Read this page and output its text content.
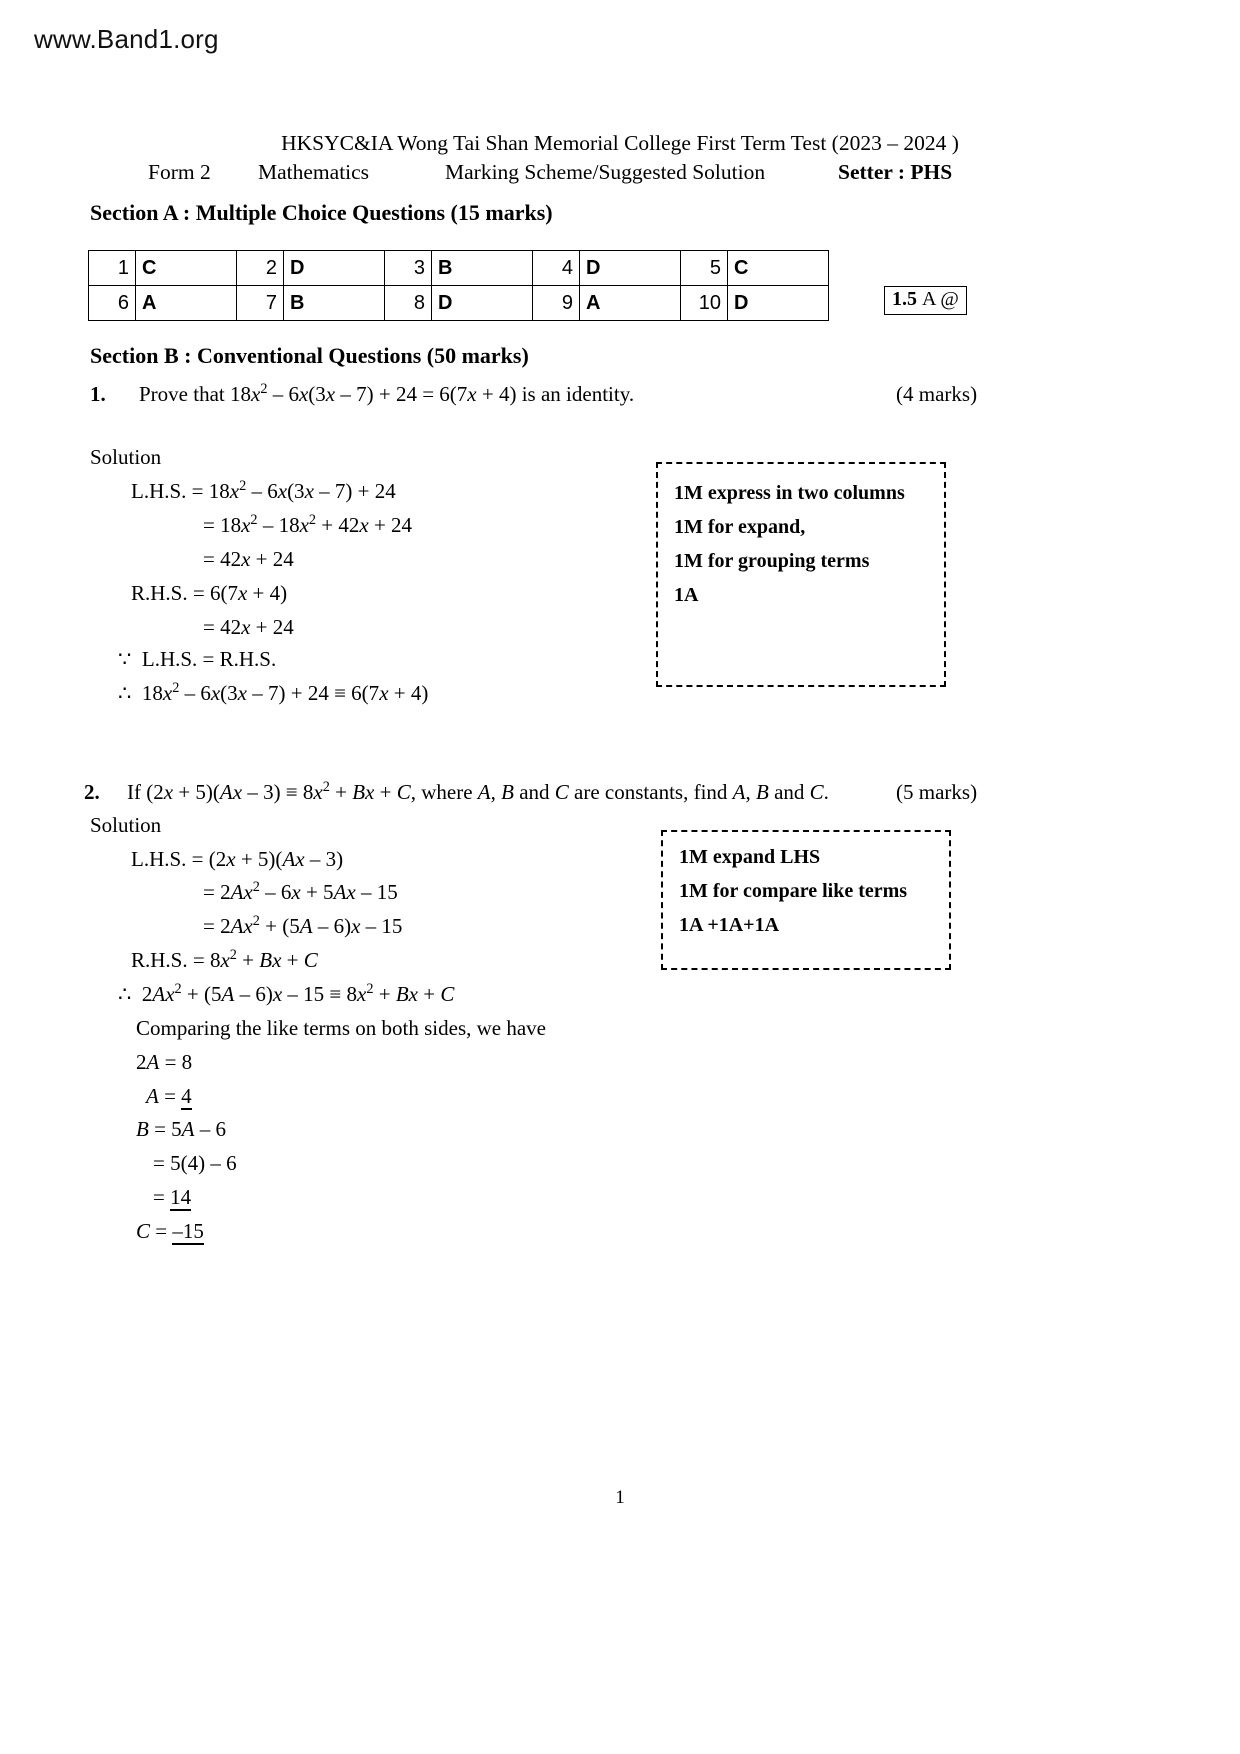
www.Band1.org
HKSYC&IA Wong Tai Shan Memorial College First Term Test (2023 – 2024 )
Form 2 Mathematics	Marking Scheme/Suggested Solution	Setter : PHS
Section A : Multiple Choice Questions (15 marks)
1	C	2	D	3	B	4	D	5	C
6	A	7	B	8	D	9	A	10	D	1.5 A @
Section B : Conventional Questions (50 marks)
1. Prove that $18x^2 - 6x(3x - 7) + 24 = 6(7x + 4)$ is an identity.	(4 marks)
Solution
L.H.S. = $18x^2 - 6x(3x - 7) + 24$
= $18x^2 - 18x^2 + 42x + 24$
= 42x + 24
R.H.S. = 6(7x + 4)
= 42x + 24
∵  L.H.S. = R.H.S.
∴  $18x^2 - 6x(3x - 7) + 24 \equiv 6(7x + 4)$
1M express in two columns
1M for expand,
1M for grouping terms
1A
2. If $(2x + 5)(Ax - 3) \equiv 8x^2 + Bx + C$, where A, B and C are constants, find A, B and C.	(5 marks)
Solution
L.H.S. = (2x + 5)(Ax – 3)
= $2Ax^2 - 6x + 5Ax - 15$
= $2Ax^2 + (5A - 6)x - 15$
R.H.S. = $8x^2 + Bx + C$
∴  $2Ax^2 + (5A - 6)x - 15 \equiv 8x^2 + Bx + C$
Comparing the like terms on both sides, we have
2A = 8
A = 4
B = 5A – 6
= 5(4) – 6
= 14
C = –15
1M expand LHS
1M for compare like terms
1A +1A+1A
1
